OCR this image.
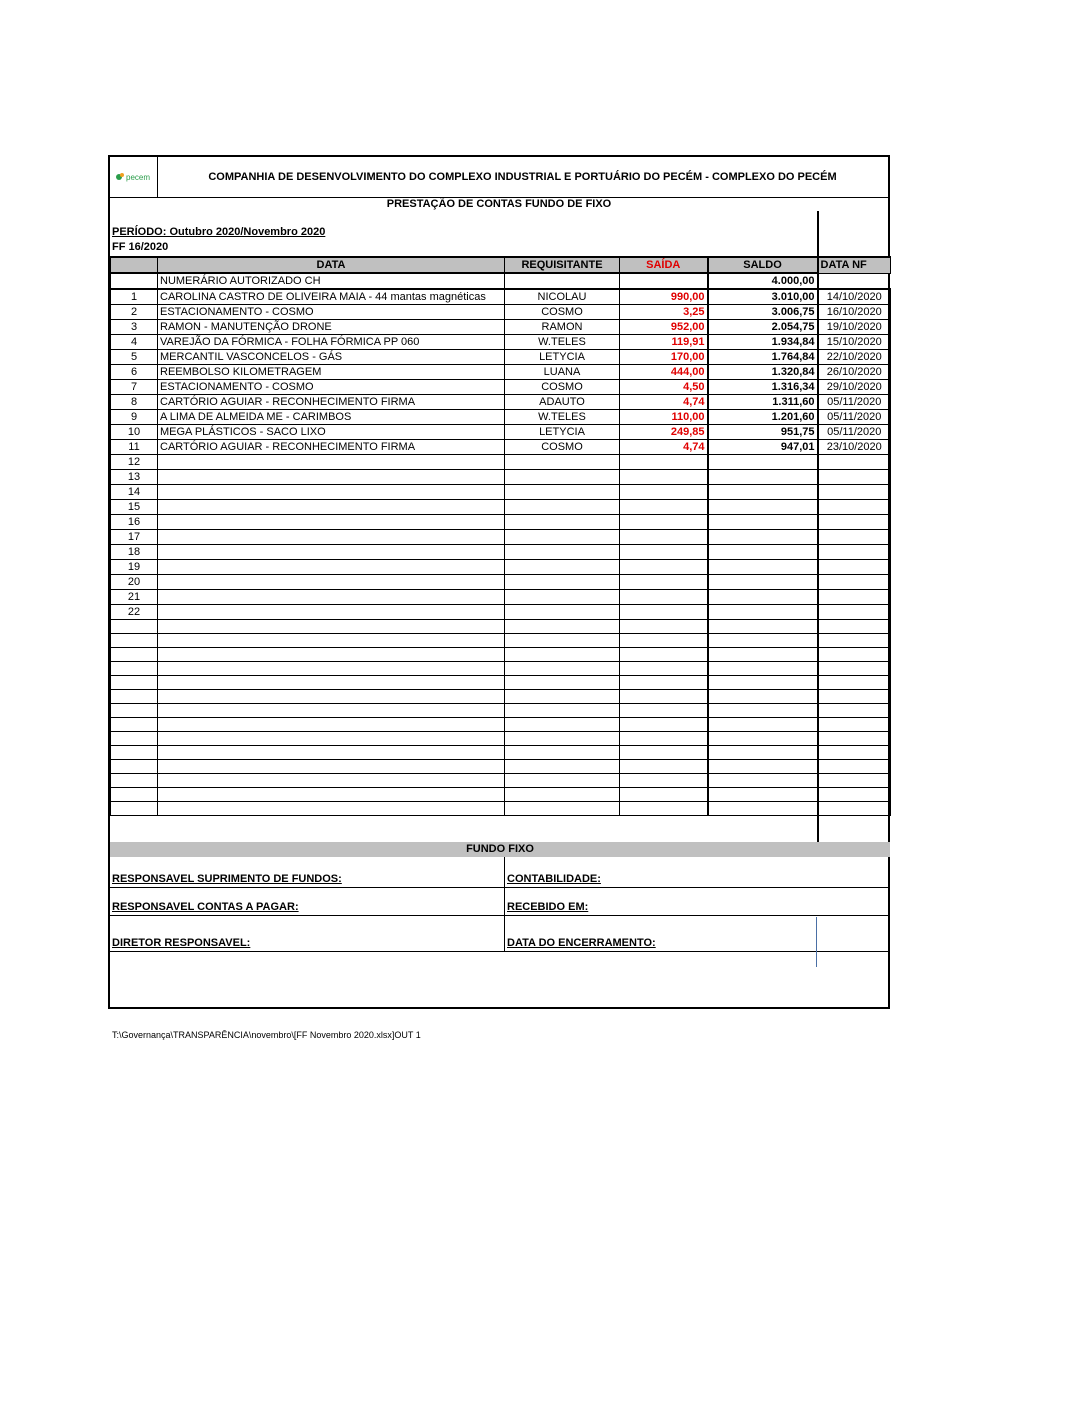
pecem	COMPANHIA DE DESENVOLVIMENTO DO COMPLEXO INDUSTRIAL E PORTUÁRIO DO PECÉM - COMPLEXO DO PECÉM
PRESTAÇÃO DE CONTAS FUNDO DE FIXO
PERÍODO: Outubro 2020/Novembro 2020
FF 16/2020
	DATA	REQUISITANTE	SAÍDA	SALDO	DATA NF
	NUMERÁRIO AUTORIZADO CH			4.000,00	
1	CAROLINA CASTRO DE OLIVEIRA MAIA - 44 mantas magnéticas	NICOLAU	990,00	3.010,00	14/10/2020
2	ESTACIONAMENTO - COSMO	COSMO	3,25	3.006,75	16/10/2020
3	RAMON - MANUTENÇÃO DRONE	RAMON	952,00	2.054,75	19/10/2020
4	VAREJÃO DA FÓRMICA - FOLHA FÓRMICA PP 060	W.TELES	119,91	1.934,84	15/10/2020
5	MERCANTIL VASCONCELOS - GÁS	LETYCIA	170,00	1.764,84	22/10/2020
6	REEMBOLSO KILOMETRAGEM	LUANA	444,00	1.320,84	26/10/2020
7	ESTACIONAMENTO - COSMO	COSMO	4,50	1.316,34	29/10/2020
8	CARTÓRIO AGUIAR - RECONHECIMENTO FIRMA	ADAUTO	4,74	1.311,60	05/11/2020
9	A LIMA DE ALMEIDA ME - CARIMBOS	W.TELES	110,00	1.201,60	05/11/2020
10	MEGA PLÁSTICOS - SACO LIXO	LETYCIA	249,85	951,75	05/11/2020
11	CARTÓRIO AGUIAR - RECONHECIMENTO FIRMA	COSMO	4,74	947,01	23/10/2020
12					
13					
14					
15					
16					
17					
18					
19					
20					
21					
22					

FUNDO FIXO
RESPONSAVEL SUPRIMENTO DE FUNDOS:	CONTABILIDADE:
RESPONSAVEL CONTAS A PAGAR:	RECEBIDO EM:
DIRETOR RESPONSAVEL:	DATA DO ENCERRAMENTO:
T:\Governança\TRANSPARÊNCIA\novembro\[FF Novembro 2020.xlsx]OUT 1
